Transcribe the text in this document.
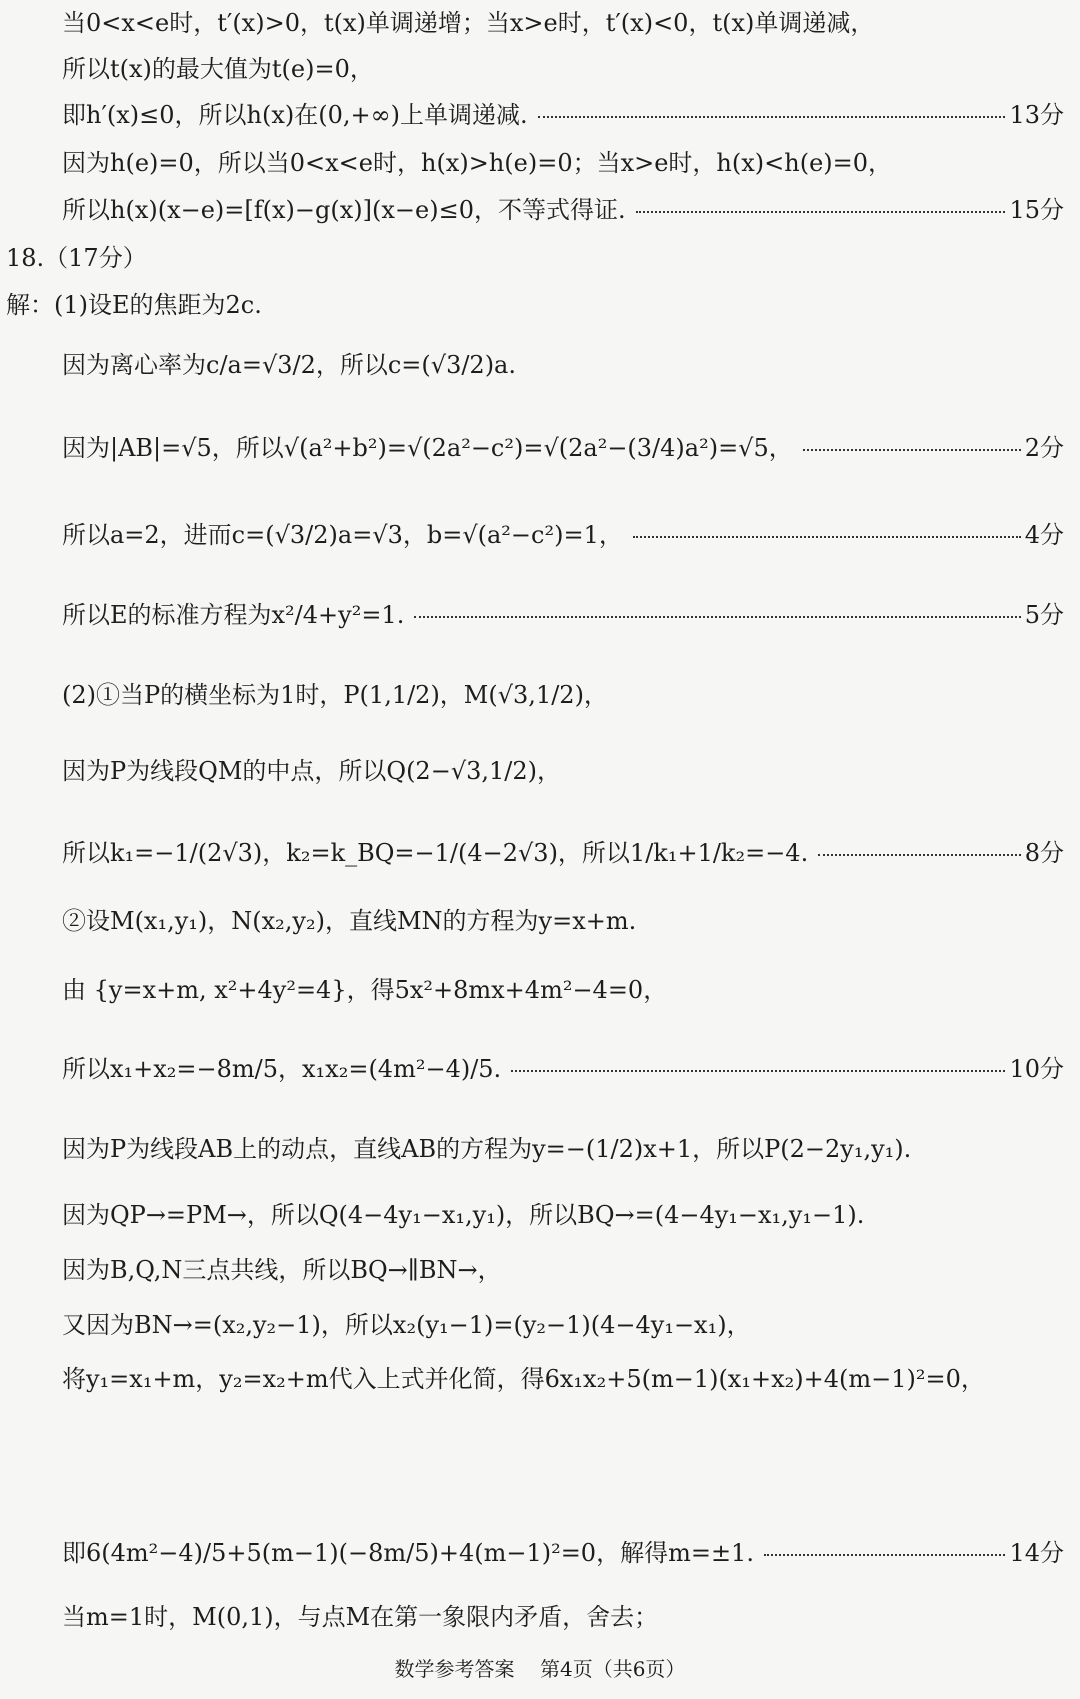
当0<x<e时，t′(x)>0，t(x)单调递增；当x>e时，t′(x)<0，t(x)单调递减，
所以t(x)的最大值为t(e)=0，
即h′(x)≤0，所以h(x)在(0,+∞)上单调递减.	13分
因为h(e)=0，所以当0<x<e时，h(x)>h(e)=0；当x>e时，h(x)<h(e)=0，
所以h(x)(x−e)=[f(x)−g(x)](x−e)≤0，不等式得证.	15分
18.（17分）
解：(1)设E的焦距为2c.
因为离心率为c/a=√3/2，所以c=(√3/2)a.
因为|AB|=√5，所以√(a²+b²)=√(2a²−c²)=√(2a²−(3/4)a²)=√5，	2分
所以a=2，进而c=(√3/2)a=√3，b=√(a²−c²)=1，	4分
所以E的标准方程为x²/4+y²=1.	5分
(2)①当P的横坐标为1时，P(1,1/2)，M(√3,1/2)，
因为P为线段QM的中点，所以Q(2−√3,1/2)，
所以k₁=−1/(2√3)，k₂=k_BQ=−1/(4−2√3)，所以1/k₁+1/k₂=−4.	8分
②设M(x₁,y₁)，N(x₂,y₂)，直线MN的方程为y=x+m.
由 {y=x+m, x²+4y²=4}，得5x²+8mx+4m²−4=0，
所以x₁+x₂=−8m/5，x₁x₂=(4m²−4)/5.	10分
因为P为线段AB上的动点，直线AB的方程为y=−(1/2)x+1，所以P(2−2y₁,y₁).
因为QP→=PM→，所以Q(4−4y₁−x₁,y₁)，所以BQ→=(4−4y₁−x₁,y₁−1).
因为B,Q,N三点共线，所以BQ→∥BN→，
又因为BN→=(x₂,y₂−1)，所以x₂(y₁−1)=(y₂−1)(4−4y₁−x₁)，
将y₁=x₁+m，y₂=x₂+m代入上式并化简，得6x₁x₂+5(m−1)(x₁+x₂)+4(m−1)²=0，
即6(4m²−4)/5+5(m−1)(−8m/5)+4(m−1)²=0，解得m=±1.	14分
当m=1时，M(0,1)，与点M在第一象限内矛盾，舍去；
数学参考答案 第4页（共6页）
